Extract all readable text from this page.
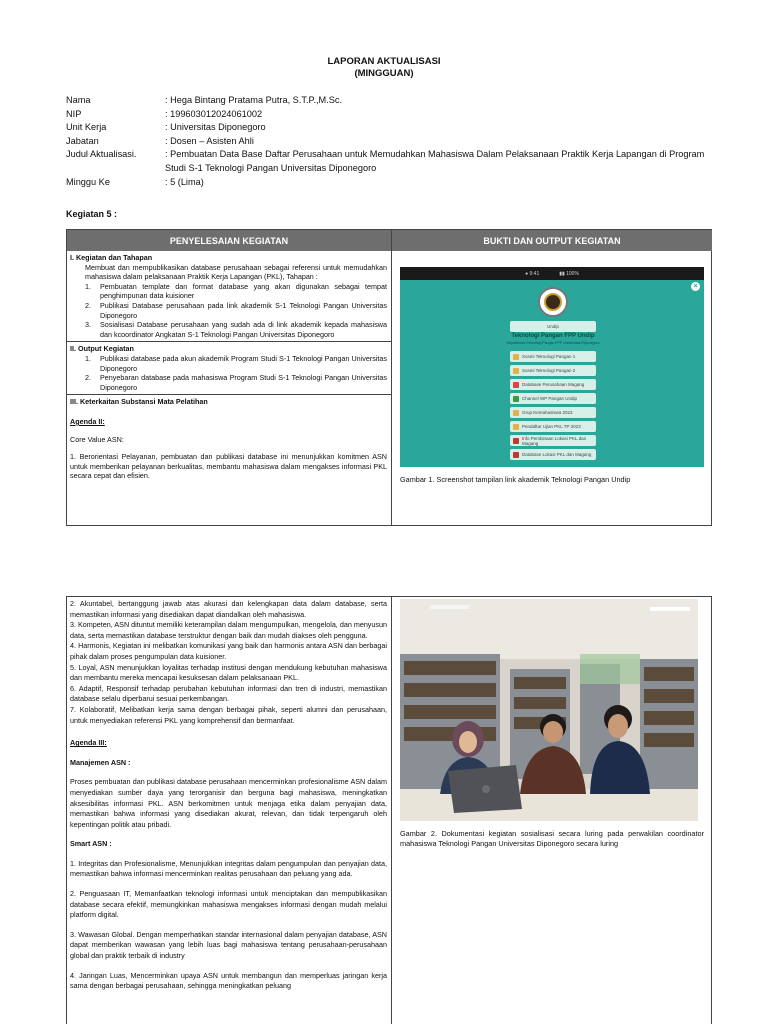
LAPORAN AKTUALISASI
(MINGGUAN)
Nama	: Hega Bintang Pratama Putra, S.T.P.,M.Sc.
NIP	: 199603012024061002
Unit Kerja	: Universitas Diponegoro
Jabatan	: Dosen – Asisten Ahli
Judul Aktualisasi.	: Pembuatan Data Base Daftar Perusahaan untuk Memudahkan Mahasiswa Dalam Pelaksanaan Praktik Kerja Lapangan di Program Studi S-1 Teknologi Pangan Universitas Diponegoro
Minggu Ke	: 5 (Lima)
Kegiatan 5 :
PENYELESAIAN KEGIATAN	BUKTI DAN OUTPUT KEGIATAN
I. Kegiatan dan Tahapan
Membuat dan mempublikasikan database perusahaan sebagai referensi untuk memudahkan mahasiswa dalam pelaksanaan Praktik Kerja Lapangan (PKL), Tahapan :
1.	Pembuatan template dan format database yang akan digunakan sebagai tempat penghimpunan data kuisioner
2.	Publikasi Database perusahaan pada link akademik S-1 Teknologi Pangan Universitas Diponegoro
3.	Sosialisasi Database perusahaan yang sudah ada di link akademik kepada mahasiswa dan kcoordinator Angkatan S-1 Teknologi Pangan Universitas Diponegoro
II. Output Kegiatan
1.	Publikasi database pada akun akademik Program Studi S-1 Teknologi Pangan Universitas Diponegoro
2.	Penyebaran database pada mahasiswa Program Studi S-1 Teknologi Pangan Universitas Diponegoro
III. Keterkaitan Substansi Mata Pelatihan
Agenda II:
Core Value ASN:
1. Berorientasi Pelayanan, pembuatan dan publikasi database ini menunjukkan komitmen ASN untuk memberikan pelayanan berkualitas, membantu mahasiswa dalam mengakses informasi PKL secara cepat dan efisien.
● 9:41	▮▮ 100%
×
Undip
Teknologi Pangan FPP Undip
Departemen Teknologi Pangan FPP Universitas Diponegoro
Sosmi Teknologi Pangan 1
Sosmi Teknologi Pangan 2
Database Perusahaan Magang
Channel WP Pangan Undip
Grup Kemahasiswa 2023
Pendaftar Ujian PKL TP 2023
Info Pembinaan Lokasi PKL dan Magang
Database Lokasi PKL dan Magang
Gambar 1. Screenshot tampilan link akademik Teknologi Pangan Undip
2. Akuntabel, bertanggung jawab atas akurasi dan kelengkapan data dalam database, serta memastikan informasi yang disediakan dapat diandalkan oleh mahasiswa.
3. Kompeten, ASN dituntut memiliki keterampilan dalam mengumpulkan, mengelola, dan menyusun data, serta memastikan database terstruktur dengan baik dan mudah diakses oleh pengguna.
4. Harmonis, Kegiatan ini melibatkan komunikasi yang baik dan harmonis antara ASN dan berbagai pihak dalam proses pengumpulan data kuisioner.
5. Loyal, ASN menunjukkan loyalitas terhadap institusi dengan mendukung kebutuhan mahasiswa dan membantu mereka mencapai kesuksesan dalam pelaksanaan PKL.
6. Adaptif, Responsif terhadap perubahan kebutuhan informasi dan tren di industri, memastikan database selalu diperbarui sesuai perkembangan.
7. Kolaboratif, Melibatkan kerja sama dengan berbagai pihak, seperti alumni dan perusahaan, untuk menyediakan referensi PKL yang komprehensif dan bermanfaat.
Agenda III:
Manajemen ASN :
Proses pembuatan dan publikasi database perusahaan mencerminkan profesionalisme ASN dalam menyediakan sumber daya yang terorganisir dan berguna bagi mahasiswa, meningkatkan aksesibilitas informasi PKL. ASN berkomitmen untuk menjaga etika dalam penyajian data, memastikan bahwa informasi yang disediakan akurat, relevan, dan tidak terpengaruh oleh kepentingan politik atau pribadi.
Smart ASN :
1. Integritas dan Profesionalisme, Menunjukkan integritas dalam pengumpulan dan penyajian data, memastikan bahwa informasi mencerminkan realitas perusahaan dan peluang yang ada.
2. Penguasaan IT, Memanfaatkan teknologi informasi untuk menciptakan dan mempublikasikan database secara efektif, memungkinkan mahasiswa mengakses informasi dengan mudah melalui platform digital.
3. Wawasan Global. Dengan memperhatikan standar internasional dalam penyajian database, ASN dapat memberikan wawasan yang lebih luas bagi mahasiswa tentang perusahaan-perusahaan global dan praktik terbaik di industry
4. Jaringan Luas, Mencerminkan upaya ASN untuk membangun dan memperluas jaringan kerja sama dengan berbagai perusahaan, sehingga meningkatkan peluang
Gambar 2. Dokumentasi kegiatan sosialisasi secara luring pada perwakilan coordinator mahasiswa Teknologi Pangan Universitas Diponegoro secara luring
